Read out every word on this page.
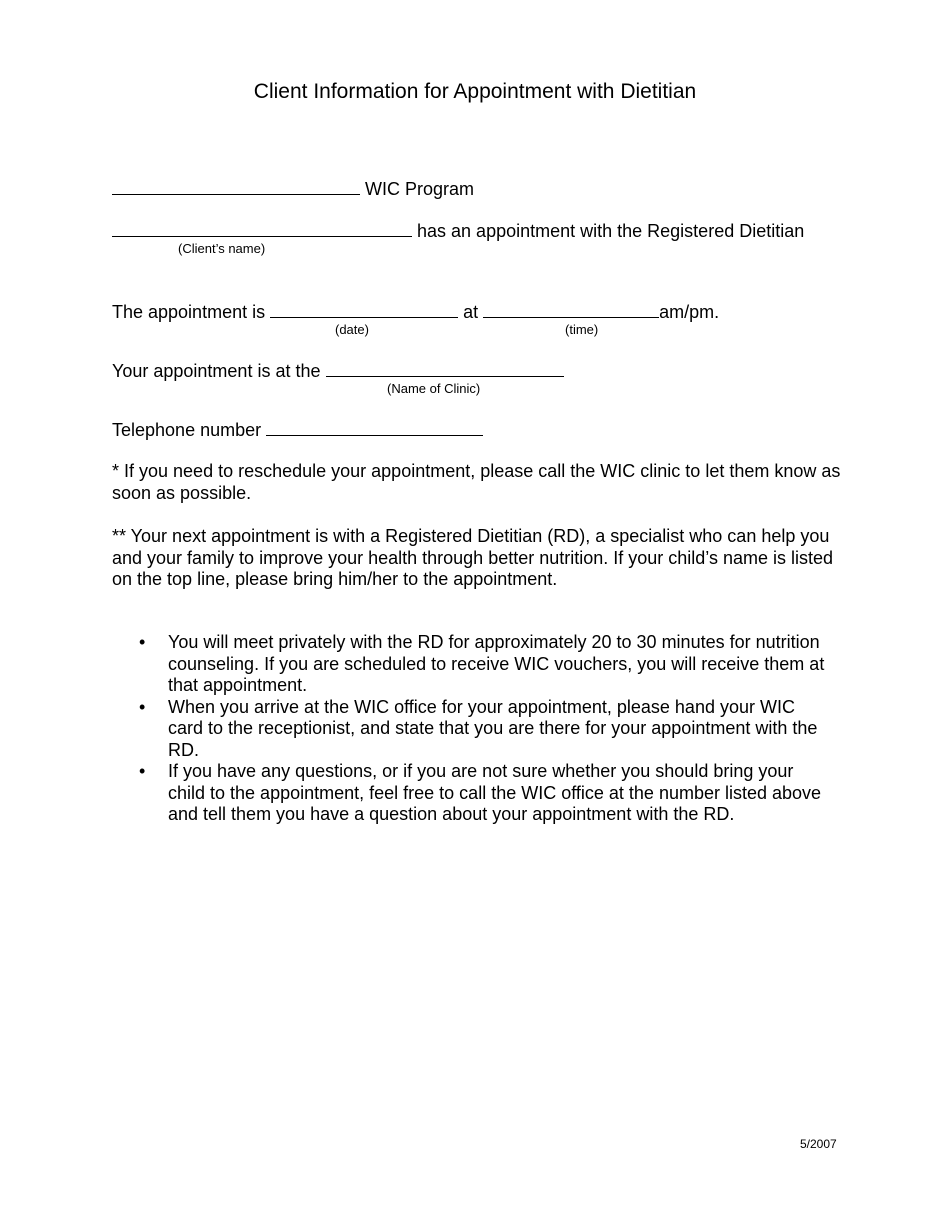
Client Information for Appointment with Dietitian
WIC Program
has an appointment with the Registered Dietitian
(Client’s name)
The appointment is	at	am/pm.
(date)	(time)
Your appointment is at the
(Name of Clinic)
Telephone number
* If you need to reschedule your appointment, please call the WIC clinic to let them know as soon as possible.
** Your next appointment is with a Registered Dietitian (RD), a specialist who can help you and your family to improve your health through better nutrition. If your child’s name is listed on the top line, please bring him/her to the appointment.
• You will meet privately with the RD for approximately 20 to 30 minutes for nutrition counseling. If you are scheduled to receive WIC vouchers, you will receive them at that appointment.
• When you arrive at the WIC office for your appointment, please hand your WIC card to the receptionist, and state that you are there for your appointment with the RD.
• If you have any questions, or if you are not sure whether you should bring your child to the appointment, feel free to call the WIC office at the number listed above and tell them you have a question about your appointment with the RD.
5/2007
